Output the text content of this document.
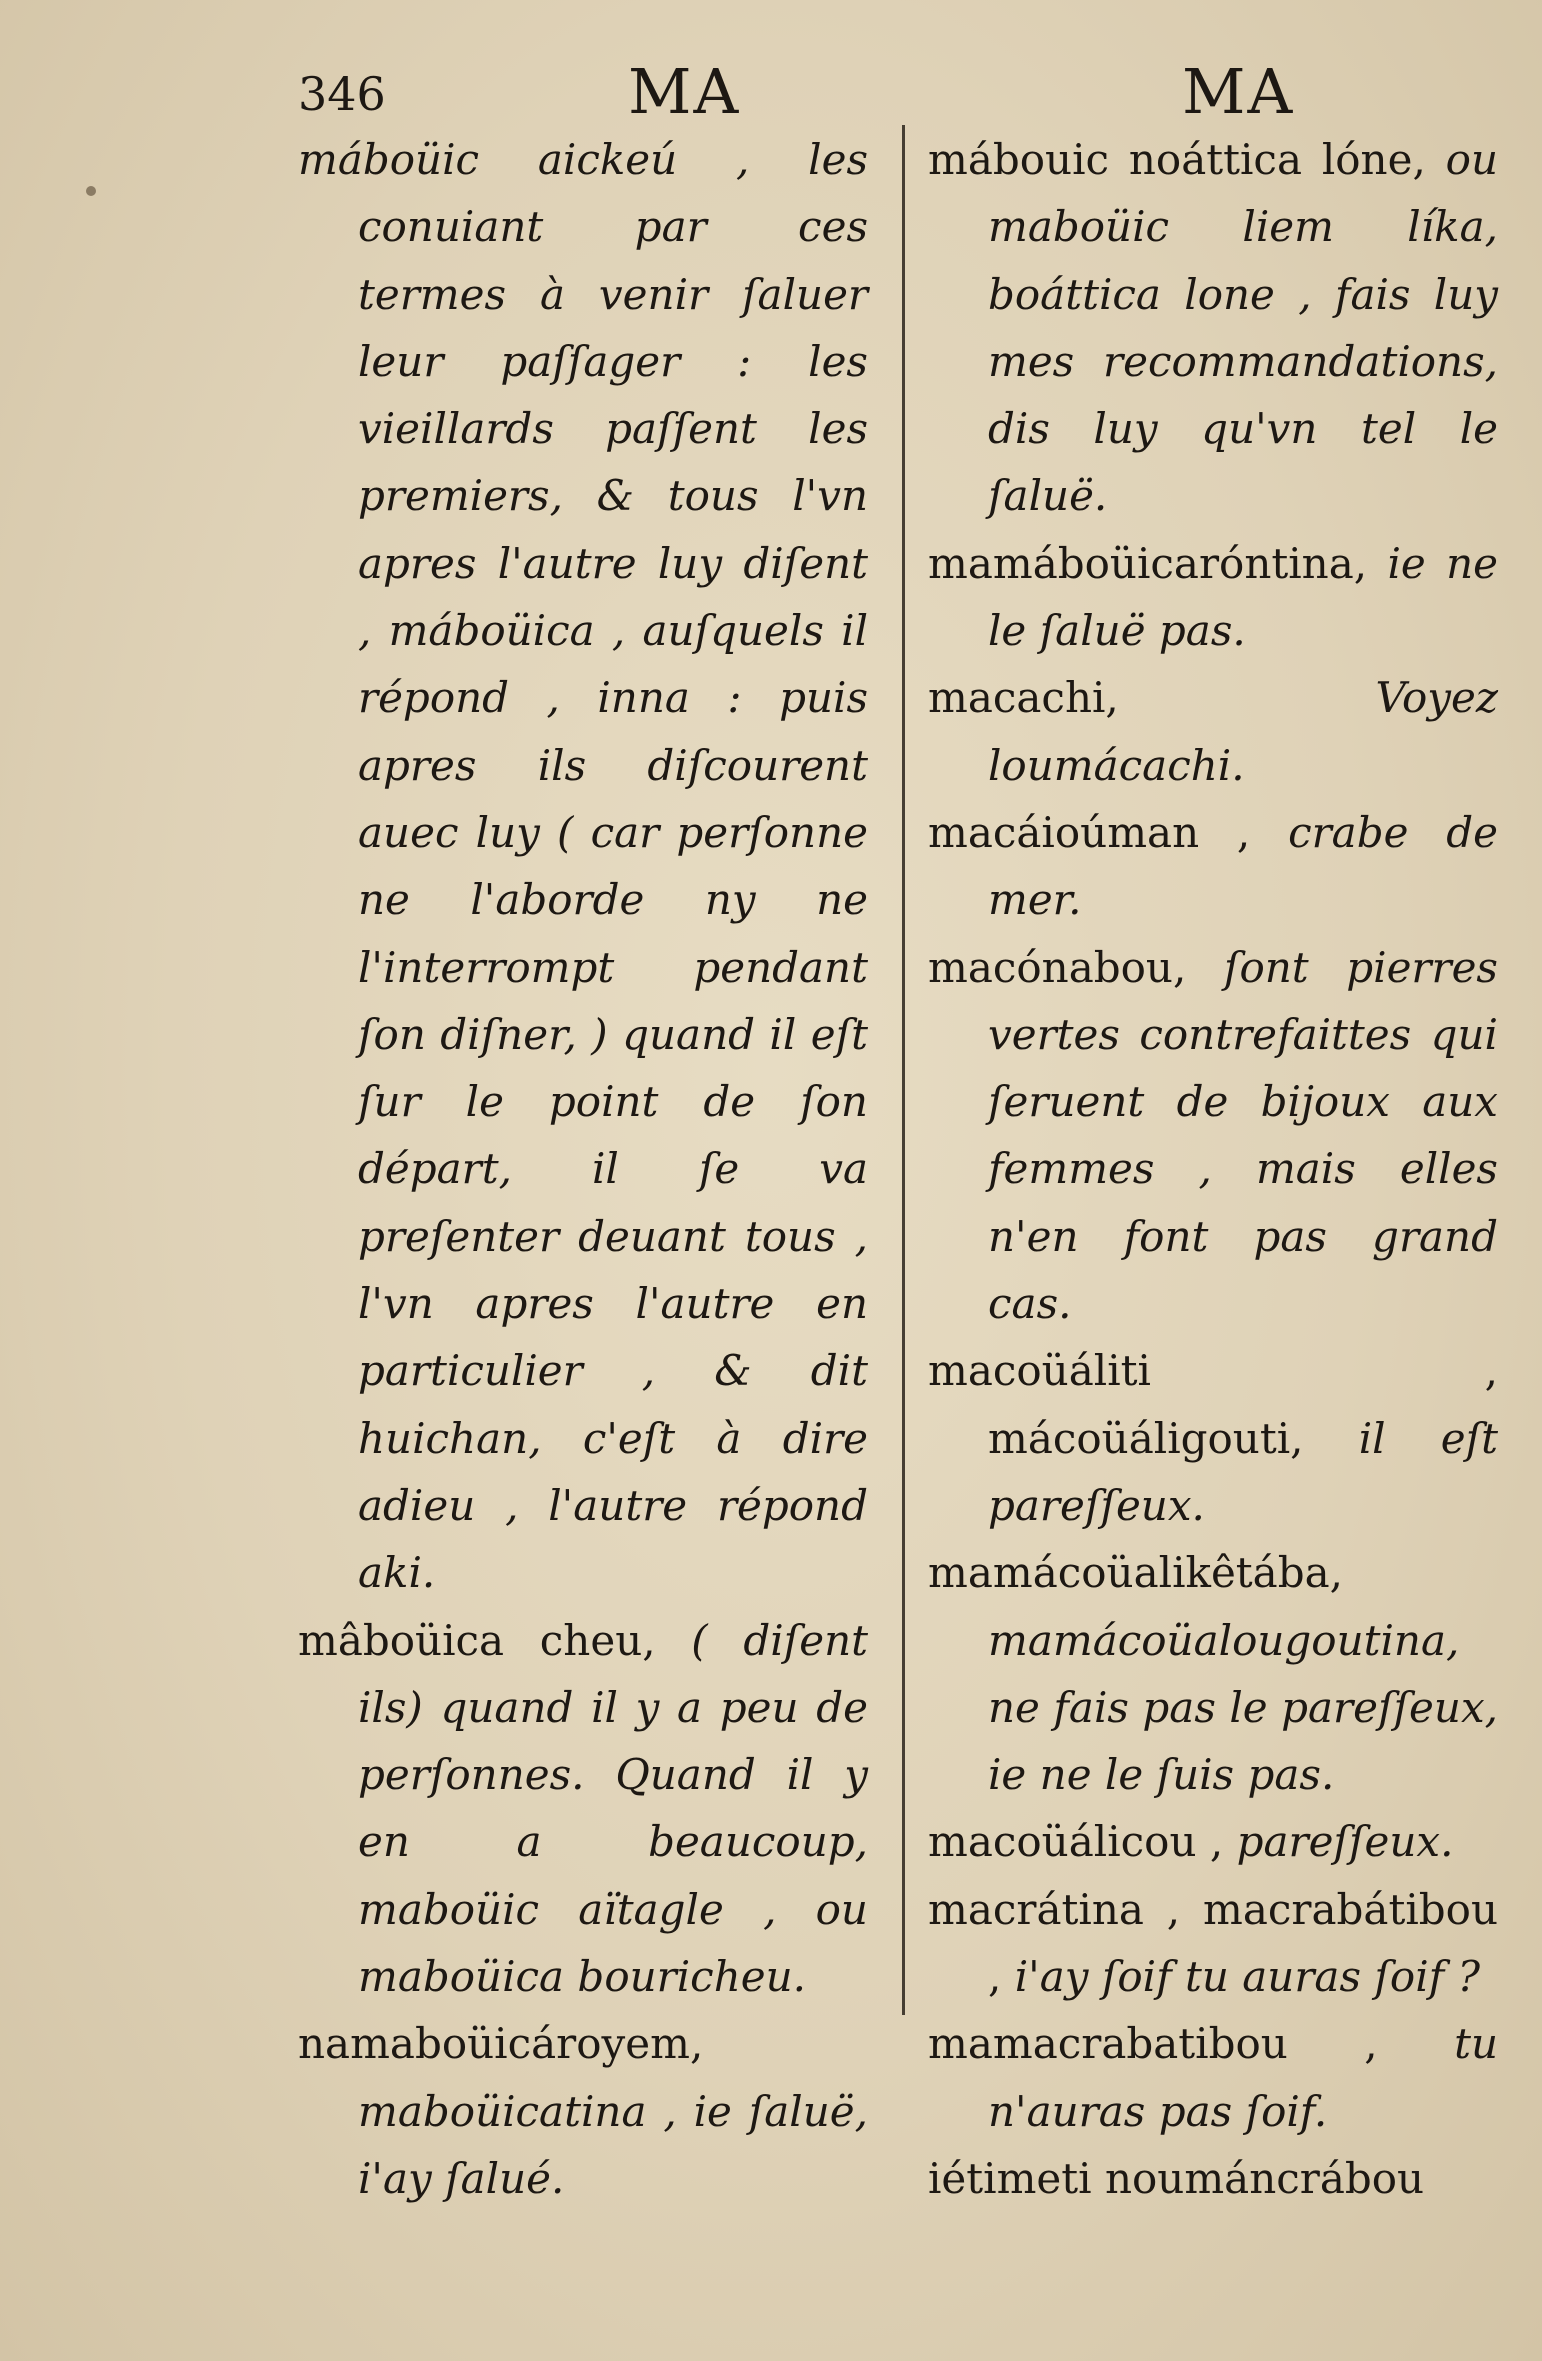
346	MA	MA
máboüic aickeú , les conuiant par ces termes à venir ſaluer leur paſſager : les vieillards paſſent les premiers, & tous l'vn apres l'autre luy diſent , máboüica , auſquels il répond , inna : puis apres ils diſcourent auec luy ( car perſonne ne l'aborde ny ne l'interrompt pendant ſon diſner, ) quand il eſt ſur le point de ſon départ, il ſe va preſenter deuant tous , l'vn apres l'autre en particulier , & dit huichan, c'eſt à dire adieu , l'autre répond aki.
mâboüica cheu, ( diſent ils) quand il y a peu de perſonnes. Quand il y en a beaucoup, maboüic aïtagle , ou maboüica bouricheu.
namaboüicároyem, maboüicatina , ie ſaluë, i'ay ſalué.
mábouic noáttica lóne, ou maboüic liem líka, boáttica lone , fais luy mes recommandations, dis luy qu'vn tel le ſaluë.
mamáboüicaróntina, ie ne le ſaluë pas.
macachi,	Voyez loumácachi.
macáioúman , crabe de mer.
macónabou, ſont pierres vertes contrefaittes qui ſeruent de bijoux aux femmes , mais elles n'en font pas grand cas.
macoüáliti , mácoüáligouti, il eſt pareſſeux.
mamácoüalikêtába, mamácoüalougoutina, ne fais pas le pareſſeux, ie ne le ſuis pas.
macoüálicou , pareſſeux.
macrátina , macrabátibou , i'ay ſoif tu auras ſoif ?
mamacrabatibou , tu n'auras pas ſoif.
iétimeti noumáncrábou
